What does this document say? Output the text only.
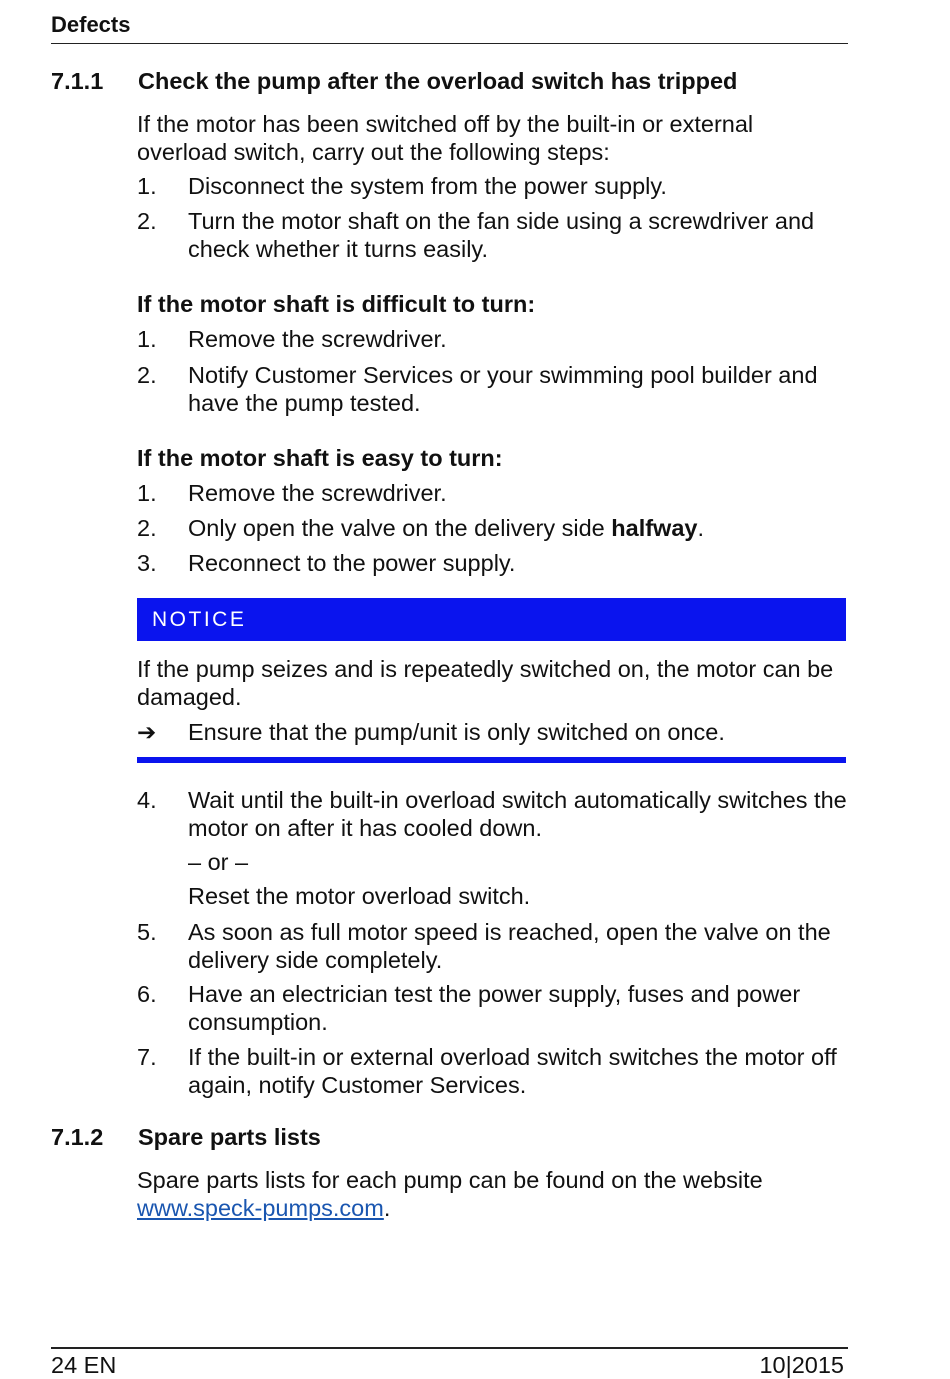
Defects
7.1.1 Check the pump after the overload switch has tripped
If the motor has been switched off by the built-in or external overload switch, carry out the following steps:
1. Disconnect the system from the power supply.
2. Turn the motor shaft on the fan side using a screwdriver and check whether it turns easily.
If the motor shaft is difficult to turn:
1. Remove the screwdriver.
2. Notify Customer Services or your swimming pool builder and have the pump tested.
If the motor shaft is easy to turn:
1. Remove the screwdriver.
2. Only open the valve on the delivery side halfway.
3. Reconnect to the power supply.
NOTICE
If the pump seizes and is repeatedly switched on, the motor can be damaged.
➔ Ensure that the pump/unit is only switched on once.
4. Wait until the built-in overload switch automatically switches the motor on after it has cooled down.
– or –
Reset the motor overload switch.
5. As soon as full motor speed is reached, open the valve on the delivery side completely.
6. Have an electrician test the power supply, fuses and power consumption.
7. If the built-in or external overload switch switches the motor off again, notify Customer Services.
7.1.2 Spare parts lists
Spare parts lists for each pump can be found on the website www.speck-pumps.com.
24 EN	10|2015
